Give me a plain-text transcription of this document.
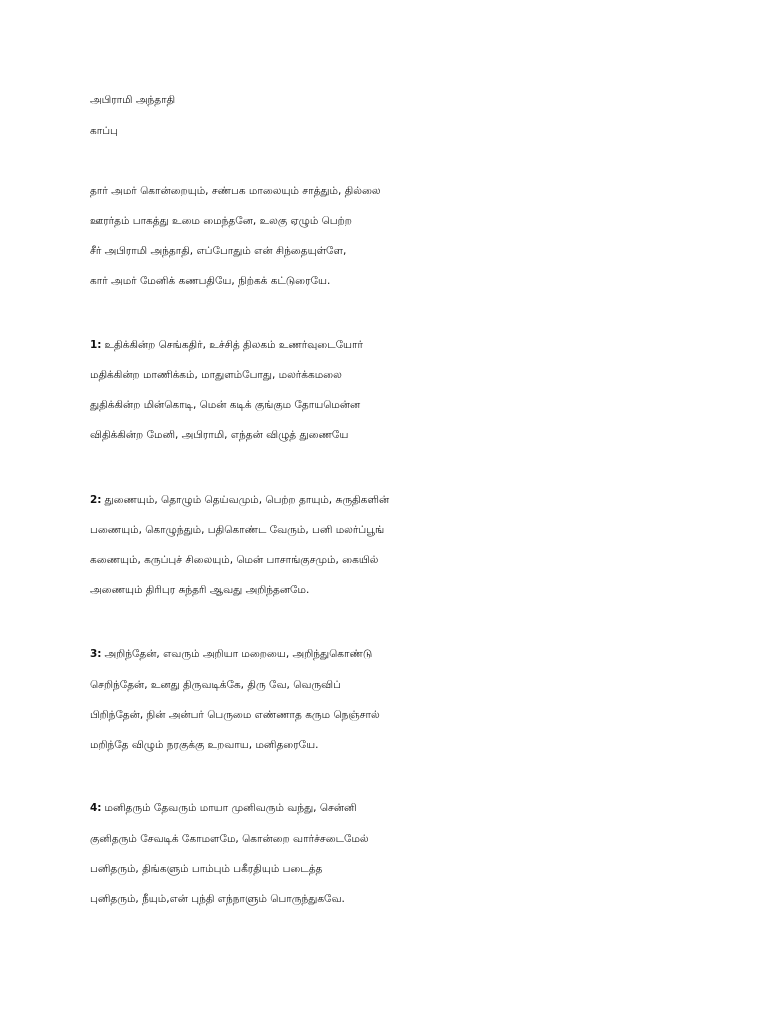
அபிராமி அந்தாதி
காப்பு
தார் அமர் கொன்றையும், சண்பக மாலையும் சாத்தும், தில்லை
ஊரர்தம் பாகத்து உமை மைந்தனே, உலகு ஏழும் பெற்ற
சீர் அபிராமி அந்தாதி, எப்போதும் என் சிந்தையுள்ளே,
கார் அமர் மேனிக் கணபதியே, நிற்கக் கட்டுரையே.
1: உதிக்கின்ற செங்கதிர், உச்சித் திலகம் உணர்வுடையோர்
மதிக்கின்ற மாணிக்கம், மாதுளம்போது, மலர்க்கமலை
துதிக்கின்ற மின்கொடி, மென் கடிக் குங்கும தோயமென்ன
விதிக்கின்ற மேனி, அபிராமி, எந்தன் விழுத் துணையே
2: துணையும், தொழும் தெய்வமும், பெற்ற தாயும், சுருதிகளின்
பணையும், கொழுந்தும், பதிகொண்ட வேரும், பனி மலர்ப்பூங்
கணையும், கருப்புச் சிலையும், மென் பாசாங்குசமும், கையில்
அணையும் திரிபுர சுந்தரி ஆவது அறிந்தனமே.
3: அறிந்தேன், எவரும் அறியா மறையை, அறிந்துகொண்டு
செறிந்தேன், உனது திருவடிக்கே, திரு வே, வெருவிப்
பிறிந்தேன், நின் அன்பர் பெருமை எண்ணாத கரும நெஞ்சால்
மறிந்தே விழும் நரகுக்கு உறவாய, மனிதரையே.
4: மனிதரும் தேவரும் மாயா முனிவரும் வந்து, சென்னி
குனிதரும் சேவடிக் கோமளமே, கொன்றை வார்ச்சடைமேல்
பனிதரும், திங்களும் பாம்பும் பகீரதியும் படைத்த
புனிதரும், நீயும்,என் புந்தி எந்நாளும் பொருந்துகவே.
